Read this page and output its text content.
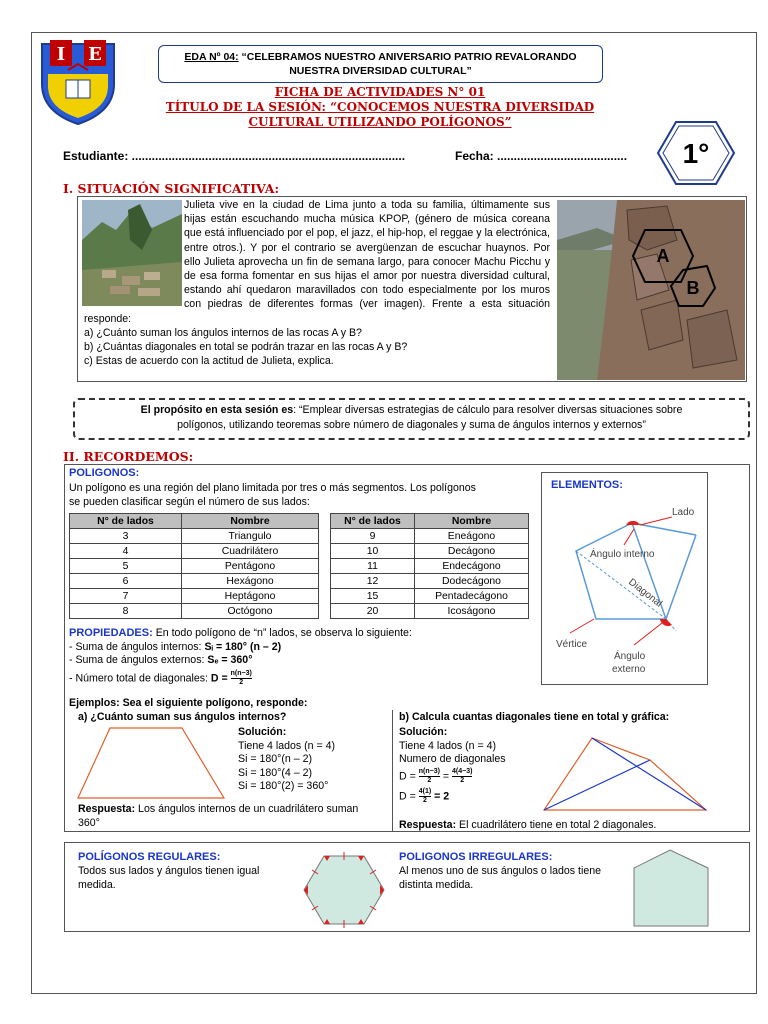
I E	EDA Nº 04: “CELEBRAMOS NUESTRO ANIVERSARIO PATRIO REVALORANDO
NUESTRA DIVERSIDAD CULTURAL”
FICHA DE ACTIVIDADES N° 01
TÍTULO DE LA SESIÓN: “CONOCEMOS NUESTRA DIVERSIDAD
CULTURAL UTILIZANDO POLÍGONOS”
1°
Estudiante: ..................................................................................	Fecha: .......................................
I. SITUACIÓN SIGNIFICATIVA:
A
B
Julieta vive en la ciudad de Lima junto a toda su familia, últimamente sus hijas están escuchando mucha música KPOP, (género de música coreana que está influenciado por el pop, el jazz, el hip-hop, el reggae y la electrónica, entre otros.). Y por el contrario se avergüenzan de escuchar huaynos. Por ello Julieta aprovecha un fin de semana largo, para conocer Machu Picchu y de esa forma fomentar en sus hijas el amor por nuestra diversidad cultural, estando ahí quedaron maravillados con todo especialmente por los muros con piedras de diferentes formas (ver imagen). Frente a esta situación responde:
a) ¿Cuánto suman los ángulos internos de las rocas A y B?
b) ¿Cuántas diagonales en total se podrán trazar en las rocas A y B?
c) Estas de acuerdo con la actitud de Julieta, explica.
El propósito en esta sesión es: “Emplear diversas estrategias de cálculo para resolver diversas situaciones sobre
polígonos, utilizando teoremas sobre número de diagonales y suma de ángulos internos y externos”
II. RECORDEMOS:
POLIGONOS:
Un polígono es una región del plano limitada por tres o más segmentos. Los polígonos
se pueden clasificar según el número de sus lados:
N° de lados	Nombre
3	Triangulo
4	Cuadrilátero
5	Pentágono
6	Hexágono
7	Heptágono
8	Octógono
N° de lados	Nombre
9	Eneágono
10	Decágono
11	Endecágono
12	Dodecágono
15	Pentadecágono
20	Icoságono
PROPIEDADES: En todo polígono de “n” lados, se observa lo siguiente:
- Suma de ángulos internos: Sᵢ = 180° (n – 2)
- Suma de ángulos externos: Sₑ = 360°
- Número total de diagonales: $D = \frac{n(n-3)}{2}$
ELEMENTOS:
Lado
Ángulo interno
Diagonal
Vértice
Ángulo
externo
Ejemplos: Sea el siguiente polígono, responde:
a) ¿Cuánto suman sus ángulos internos?
Solución:
Tiene 4 lados (n = 4)
Si = 180°(n – 2)
Si = 180°(4 – 2)
Si = 180°(2) = 360°
Respuesta: Los ángulos internos de un cuadrilátero suman
360°
b) Calcula cuantas diagonales tiene en total y gráfica:
Solución:
Tiene 4 lados (n = 4)
Numero de diagonales
$D = \frac{n(n-3)}{2} = \frac{4(4-3)}{2}$
$D = \frac{4(1)}{2} = 2$
Respuesta: El cuadrilátero tiene en total 2 diagonales.
POLÍGONOS REGULARES:
Todos sus lados y ángulos tienen igual
medida.
POLIGONOS IRREGULARES:
Al menos uno de sus ángulos o lados tiene
distinta medida.
